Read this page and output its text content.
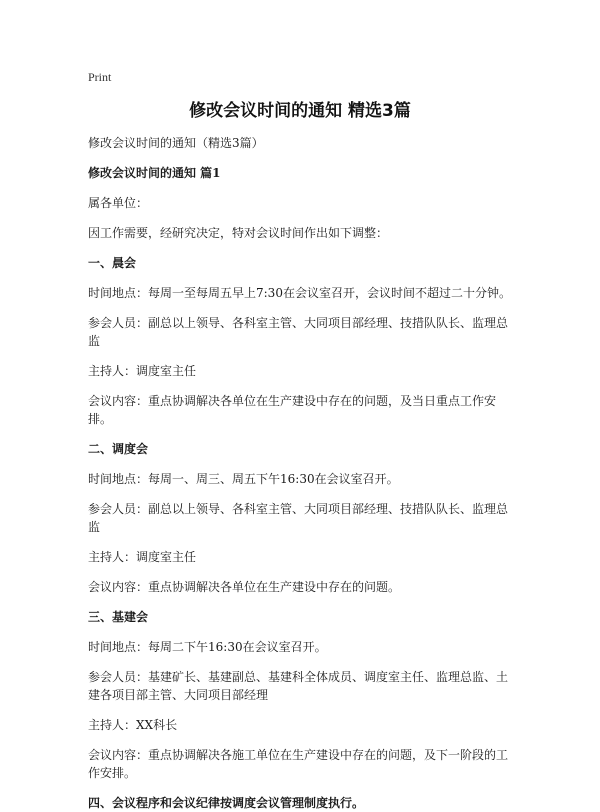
Print
修改会议时间的通知 精选3篇

修改会议时间的通知（精选3篇）

修改会议时间的通知 篇1

属各单位：

因工作需要，经研究决定，特对会议时间作出如下调整：

一、晨会

时间地点：每周一至每周五早上7:30在会议室召开，会议时间不超过二十分钟。

参会人员：副总以上领导、各科室主管、大同项目部经理、技措队队长、监理总监

主持人：调度室主任

会议内容：重点协调解决各单位在生产建设中存在的问题，及当日重点工作安排。

二、调度会

时间地点：每周一、周三、周五下午16:30在会议室召开。

参会人员：副总以上领导、各科室主管、大同项目部经理、技措队队长、监理总监

主持人：调度室主任

会议内容：重点协调解决各单位在生产建设中存在的问题。

三、基建会

时间地点：每周二下午16:30在会议室召开。

参会人员：基建矿长、基建副总、基建科全体成员、调度室主任、监理总监、土建各项目部主管、大同项目部经理

主持人：XX科长

会议内容：重点协调解决各施工单位在生产建设中存在的问题，及下一阶段的工作安排。

四、会议程序和会议纪律按调度会议管理制度执行。
